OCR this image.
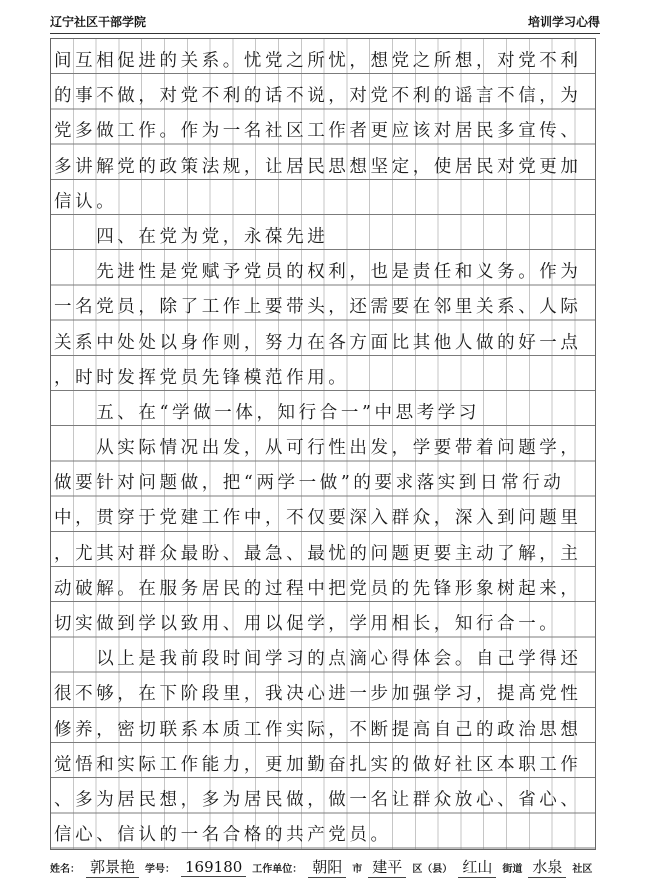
辽宁社区干部学院	培训学习心得
间互相促进的关系。忧党之所忧，想党之所想，对党不利
的事不做，对党不利的话不说，对党不利的谣言不信，为
党多做工作。作为一名社区工作者更应该对居民多宣传、
多讲解党的政策法规，让居民思想坚定，使居民对党更加
信认。
　　四、在党为党，永葆先进
　　先进性是党赋予党员的权利，也是责任和义务。作为
一名党员，除了工作上要带头，还需要在邻里关系、人际
关系中处处以身作则，努力在各方面比其他人做的好一点
，时时发挥党员先锋模范作用。
　　五、在“学做一体，知行合一”中思考学习
　　从实际情况出发，从可行性出发，学要带着问题学，
做要针对问题做，把“两学一做”的要求落实到日常行动
中，贯穿于党建工作中，不仅要深入群众，深入到问题里
，尤其对群众最盼、最急、最忧的问题更要主动了解，主
动破解。在服务居民的过程中把党员的先锋形象树起来，
切实做到学以致用、用以促学，学用相长，知行合一。
　　以上是我前段时间学习的点滴心得体会。自己学得还
很不够，在下阶段里，我决心进一步加强学习，提高党性
修养，密切联系本质工作实际，不断提高自己的政治思想
觉悟和实际工作能力，更加勤奋扎实的做好社区本职工作
、多为居民想，多为居民做，做一名让群众放心、省心、
信心、信认的一名合格的共产党员。
姓名： 郭景艳	学号： 169180	工作单位： 朝阳	市 建平	区（县） 红山	街道 水泉	社区
